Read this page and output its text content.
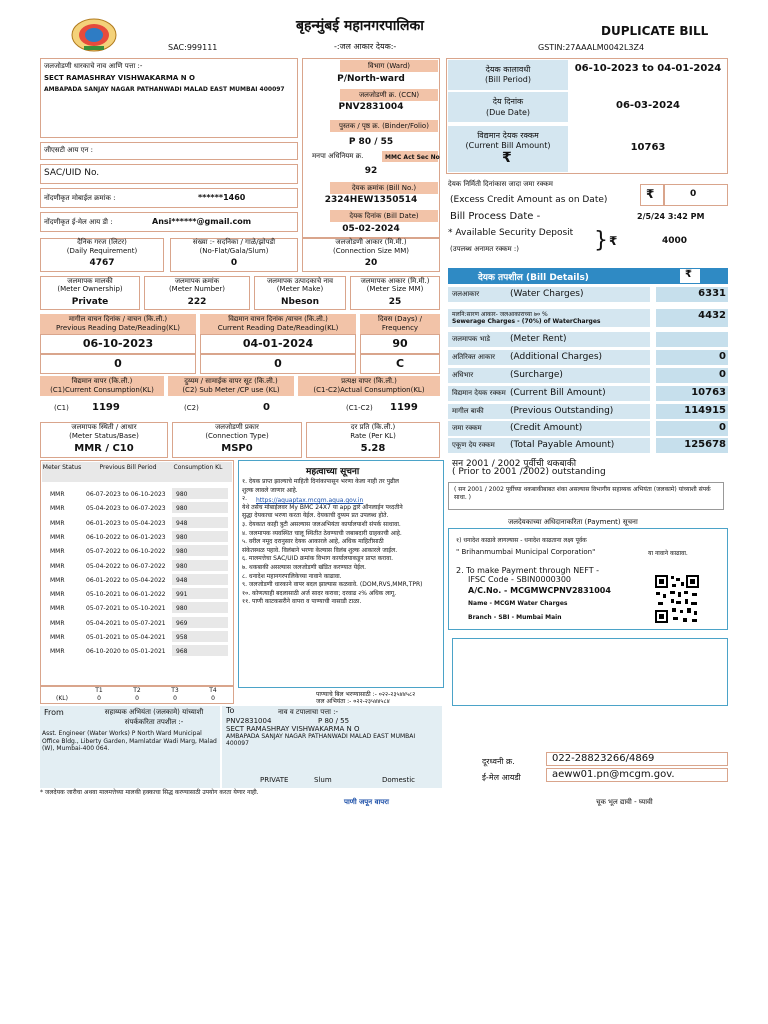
बृहन्मुंबई महानगरपालिका	DUPLICATE BILL
-:जल आकार देयक:-
SAC:999111	GSTIN:27AAALM0042L3Z4
जलजोडणी धारकाचे नाव आणि पत्ता :-
SECT RAMASHRAY VISHWAKARMA N O
AMBAPADA SANJAY NAGAR PATHANWADI MALAD EAST MUMBAI 400097
जीएसटी आय एन :
SAC/UID No.
नोंदणीकृत मोबाईल क्रमांक :	******1460
नोंदणीकृत ई-मेल आय डी :	Ansi******@gmail.com
विभाग (Ward)
P/North-ward
जलजोडणी क्र. (CCN)
PNV2831004
पुस्तक / पृष्ठ क्र. (Binder/Folio)
P 80 / 55
मनपा अधिनियम क्र.	MMC Act Sec No
92
देयक क्रमांक (Bill No.)
2324HEW1350514
देयक दिनांक (Bill Date)
05-02-2024
देयक कालावधी
(Bill Period)
06-10-2023 to 04-01-2024
देय दिनांक
(Due Date)
06-03-2024
विद्यमान देयक रक्कम
(Current Bill Amount)
₹
10763
देयक निर्मिती दिनांकास जादा जमा रक्कम
(Excess Credit Amount as on Date)	₹	0
Bill Process Date -	2/5/24 3:42 PM
* Available Security Deposit
(उपलब्ध अनामत रक्कम :)	} ₹	4000
दैनिक गरज (लिटर)
(Daily Requirement)
4767
संख्या :- सदनिका / गाळे/झोपडी
(No-Flat/Gala/Slum)
0
जलजोडणी आकार (मि.मी.)
(Connection Size MM)
20
जलमापक मालकी
(Meter Ownership)
Private
जलमापक क्रमांक
(Meter Number)
222
जलमापक उत्पादकाचे नाव
(Meter Make)
Nbeson
जलमापक आकार (मि.मी.)
(Meter Size MM)
25
मागील वाचन दिनांक / वाचन (कि.ली.)
Previous Reading Date/Reading(KL)
विद्यमान वाचन दिनांक /वाचन (कि.ली.)
Current Reading Date/Reading(KL)
दिवस (Days) /
Frequency
06-10-2023	04-01-2024	90
0	0	C
विद्यमान वापर (कि.ली.)
(C1)Current Consumption(KL)
दुय्यम / सामाईक वापर सूट (कि.ली.)
(C2) Sub Meter /CP use (KL)
प्रत्यक्ष वापर (कि.ली.)
(C1-C2)Actual Consumption(KL)
(C1) 1199	(C2)	0	(C1-C2) 1199
जलमापक स्थिती / आधार
(Meter Status/Base)
MMR / C10
जलजोडणी प्रकार
(Connection Type)
MSP0
दर प्रति (कि.ली.)
Rate (Per KL)
5.28
Meter Status	Previous Bill Period	Consumption KL
MMR	06-07-2023 to 06-10-2023 980
MMR	05-04-2023 to 06-07-2023 980
MMR	06-01-2023 to 05-04-2023 948
MMR	06-10-2022 to 06-01-2023 980
MMR	05-07-2022 to 06-10-2022 980
MMR	05-04-2022 to 06-07-2022 980
MMR	06-01-2022 to 05-04-2022 948
MMR	05-10-2021 to 06-01-2022 991
MMR	05-07-2021 to 05-10-2021 980
MMR	05-04-2021 to 05-07-2021 969
MMR	05-01-2021 to 05-04-2021 958
MMR	06-10-2020 to 05-01-2021 968
(KL)
T1	T2	T3	T4
0	0	0	0
महत्वाच्या सूचना
१. देयक प्राप्त झाल्याचे माहिती दिनांकापासून भरणा केला नाही तर पुढील
शुल्क लावले जाणार आहे.
२.
येथे तसेच मोबाईलवर My BMC 24X7 या app द्वारे ऑनलाईन पध्दतीने
सुद्धा देयकाचा भरणा करता येईल. देयकाची दुय्यम प्रत उपलब्ध होते.
३. देयकात काही त्रुटी असल्यास जलअभियंता कार्यालयाशी संपर्क साधावा.
४. जलमापक व्यवस्थित चालू स्थितीत ठेवण्याची जबाबदारी ग्राहकाची आहे.
५. वरील नमूद दरानुसार देयक आकारले आहे, अधिक माहितीसाठी
संकेतस्थळ पहावे. विलंबाने भरणा केल्यास विलंब शुल्क आकारले जाईल.
६. मालमत्तेचा SAC/UID क्रमांक विभाग कार्यालयाकडून प्राप्त करावा.
७. थकबाकी असल्यास जलजोडणी खंडित करण्यात येईल.
८. धनादेश महानगरपालिकेच्या नावाने काढावा.
९. जलजोडणी धारकाने वापर बदल झाल्यास कळवावे. (DOM,RVS,MMR,TPR)
१०. कोणत्याही बदलासाठी अर्ज सादर करावा; दरवाढ २% अधिक लागू.
११. पाणी काटकसरीने वापरा व पाण्याची नासाडी टाळा.
https://aquaptax.mcgm.aqua.gov.in
पाण्याचे बिल भरण्यासाठी :- ०२२-२३५४४५८२
जल अभियंता :- ०२२-२३५४४५८४
देयक तपशील (Bill Details)	₹
जलआकार	(Water Charges)	6331
मलनि:सारण आकार- जलआकाराच्या ७० %
Sewerage Charges - (70%) of WaterCharges
4432
जलमापक भाडे (Meter Rent)
अतिरिक्त आकार (Additional Charges)	0
अधिभार	(Surcharge)	0
विद्यमान देयक रक्कम (Current Bill Amount)	10763
मागील बाकी	(Previous Outstanding)	114915
जमा रक्कम	(Credit Amount)	0
एकूण देय रक्कम (Total Payable Amount)	125678
सन 2001 / 2002 पूर्वीची थकबाकी
( Prior to 2001 /2002) outstanding
( सन 2001 / 2002 पूर्वीच्या थकबाकीबाबत शंका असल्यास विभागीय सहाय्यक अभियंता (जलकामे) यांच्याशी संपर्क साधा. )
जलदेयकाच्या अधिदानाकरिता (Payment) सूचना
१) धनादेश काढावे लागल्यास - धनादेश काढताना लक्ष्य पूर्वक
" Brihanmumbai Municipal Corporation"	या नावाने काढावा.
2. To make Payment through NEFT -
IFSC Code - SBIN0000300
A/C.No. - MCGMWCPNV2831004
Name - MCGM Water Charges
Branch - SBI - Mumbai Main
From	सहाय्यक अभियंता (जलकामे) यांच्याशी संपर्ककरिता तपशील :-
Asst. Engineer (Water Works) P North Ward Municipal Office Bldg., Liberty Garden, Mamlatdar Wadi Marg, Malad (W), Mumbai-400 064.
To	नाव व टपालाचा पत्ता :-
PNV2831004	P 80 / 55
SECT RAMASHRAY VISHWAKARMA N O
AMBAPADA SANJAY NAGAR PATHANWADI MALAD EAST MUMBAI 400097
PRIVATE	Slum	Domestic
दूरध्वनी क्र.	022-28823266/4869
ई-मेल आयडी	aeww01.pn@mcgm.gov.
* जलदेयक जारीचा अथवा मालमत्तेच्या मालकी हक्काचा सिद्ध करण्यासाठी उपयोग करता येणार नाही.
पाणी जपून वापरा	चूक भूल द्यावी - घ्यावी
